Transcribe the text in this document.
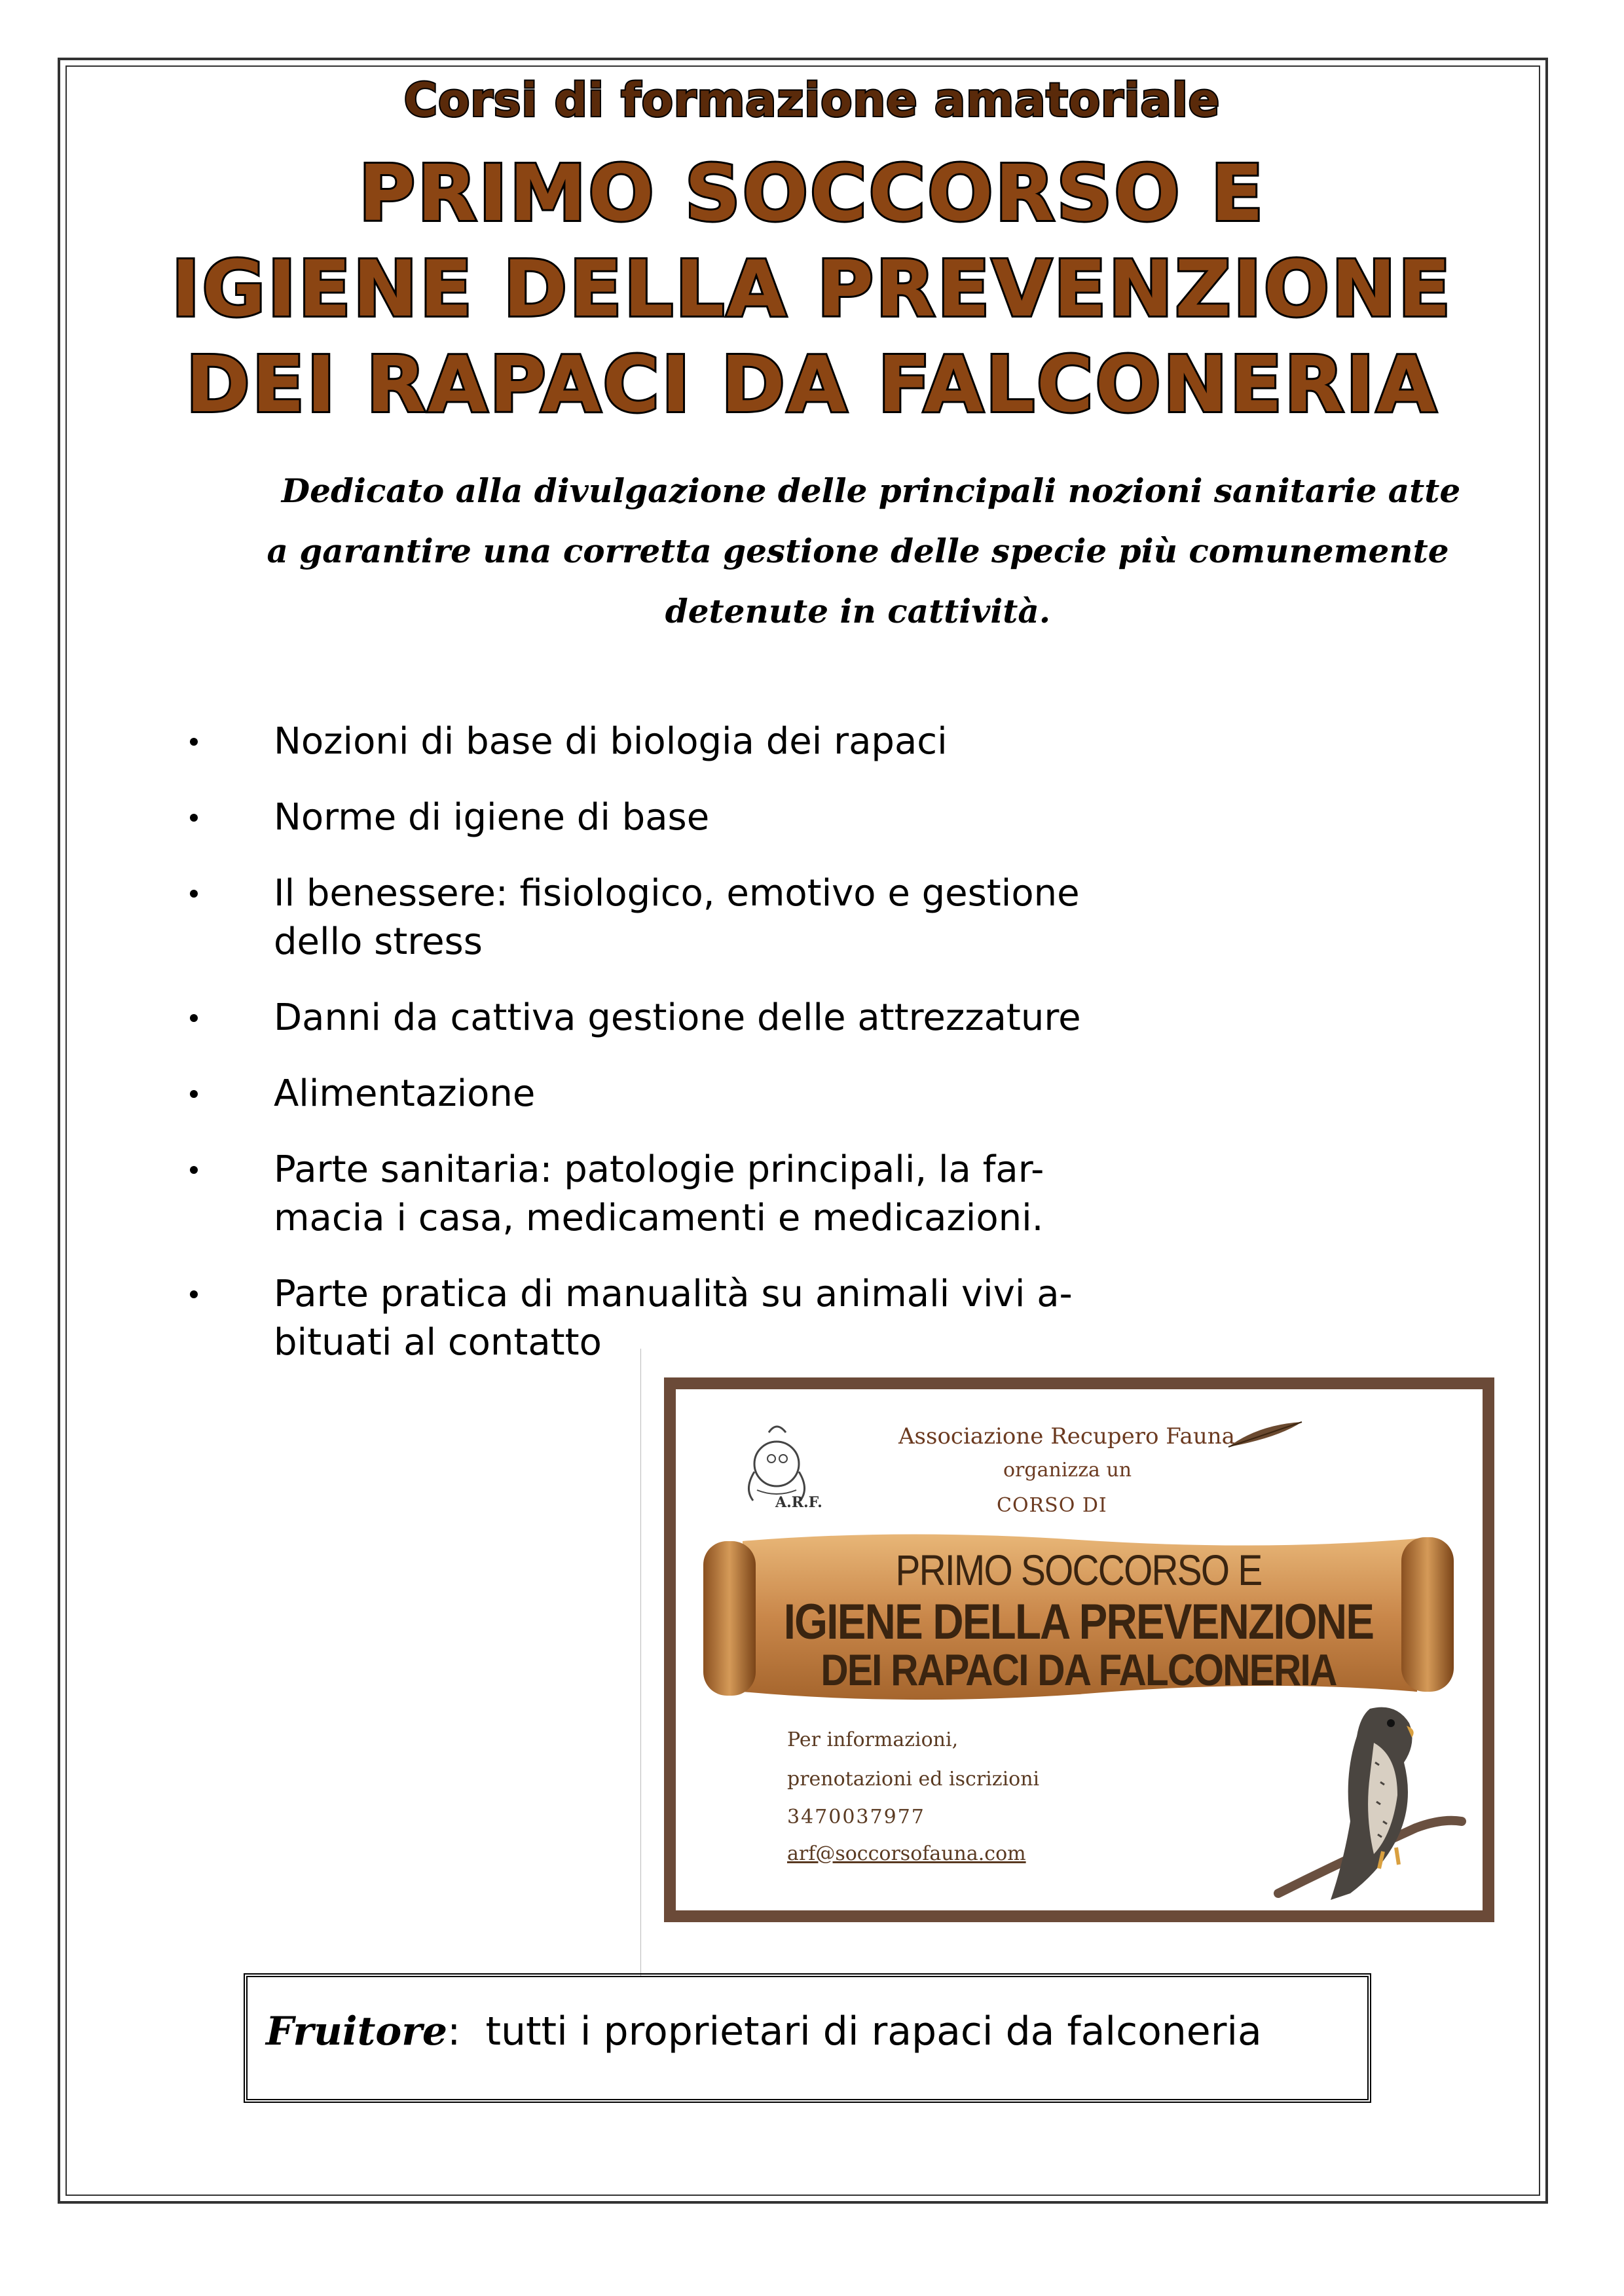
Corsi di formazione amatoriale
PRIMO SOCCORSO E
IGIENE DELLA PREVENZIONE
DEI RAPACI DA FALCONERIA
Dedicato alla divulgazione delle principali nozioni sanitarie atte
a garantire una corretta gestione delle specie più comunemente
detenute in cattività.
Nozioni di base di biologia dei rapaci
Norme di igiene di base
Il benessere: fisiologico, emotivo e gestione
dello stress
Danni da cattiva gestione delle attrezzature
Alimentazione
Parte sanitaria: patologie principali, la far-
macia i casa, medicamenti e medicazioni.
Parte pratica di manualità su animali vivi a-
bituati al contatto
A.R.F.
Associazione Recupero Fauna
organizza un
CORSO DI
PRIMO SOCCORSO E
IGIENE DELLA PREVENZIONE
DEI RAPACI DA FALCONERIA
Per informazioni,
prenotazioni ed iscrizioni
3470037977
arf@soccorsofauna.com
Fruitore: tutti i proprietari di rapaci da falconeria
